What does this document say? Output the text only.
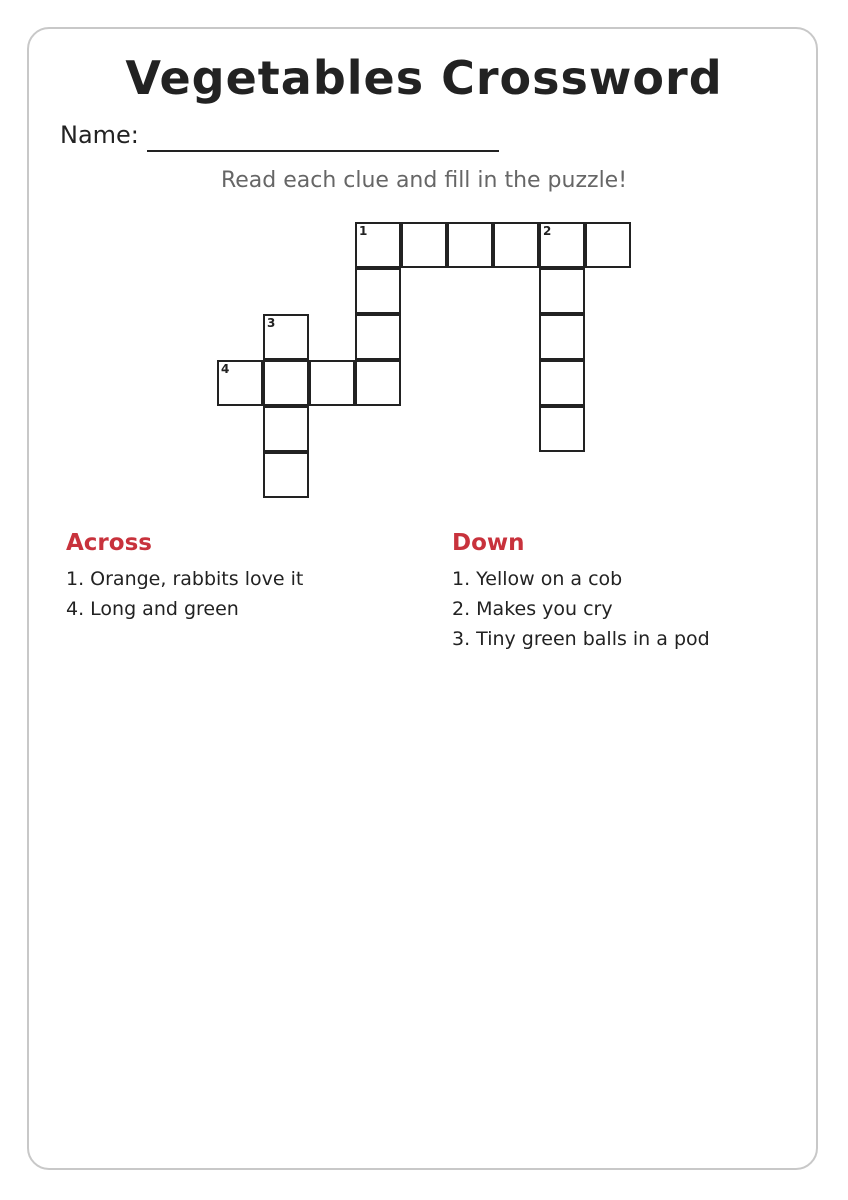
Vegetables Crossword
Name:
Read each clue and fill in the puzzle!
1	2
3
4
Across
1. Orange, rabbits love it
4. Long and green
Down
1. Yellow on a cob
2. Makes you cry
3. Tiny green balls in a pod
